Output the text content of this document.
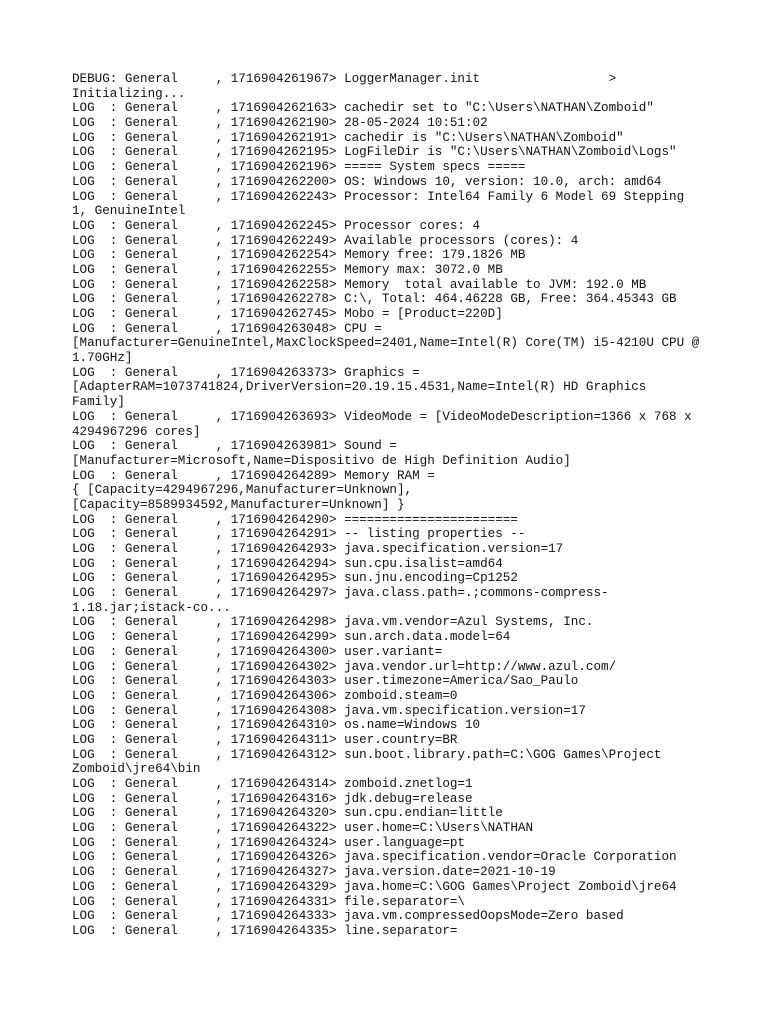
DEBUG: General     , 1716904261967> LoggerManager.init                 >
Initializing...
LOG  : General     , 1716904262163> cachedir set to "C:\Users\NATHAN\Zomboid"
LOG  : General     , 1716904262190> 28-05-2024 10:51:02
LOG  : General     , 1716904262191> cachedir is "C:\Users\NATHAN\Zomboid"
LOG  : General     , 1716904262195> LogFileDir is "C:\Users\NATHAN\Zomboid\Logs"
LOG  : General     , 1716904262196> ===== System specs =====
LOG  : General     , 1716904262200> OS: Windows 10, version: 10.0, arch: amd64
LOG  : General     , 1716904262243> Processor: Intel64 Family 6 Model 69 Stepping
1, GenuineIntel
LOG  : General     , 1716904262245> Processor cores: 4
LOG  : General     , 1716904262249> Available processors (cores): 4
LOG  : General     , 1716904262254> Memory free: 179.1826 MB
LOG  : General     , 1716904262255> Memory max: 3072.0 MB
LOG  : General     , 1716904262258> Memory  total available to JVM: 192.0 MB
LOG  : General     , 1716904262278> C:\, Total: 464.46228 GB, Free: 364.45343 GB
LOG  : General     , 1716904262745> Mobo = [Product=220D]
LOG  : General     , 1716904263048> CPU =
[Manufacturer=GenuineIntel,MaxClockSpeed=2401,Name=Intel(R) Core(TM) i5-4210U CPU @
1.70GHz]
LOG  : General     , 1716904263373> Graphics =
[AdapterRAM=1073741824,DriverVersion=20.19.15.4531,Name=Intel(R) HD Graphics
Family]
LOG  : General     , 1716904263693> VideoMode = [VideoModeDescription=1366 x 768 x
4294967296 cores]
LOG  : General     , 1716904263981> Sound =
[Manufacturer=Microsoft,Name=Dispositivo de High Definition Audio]
LOG  : General     , 1716904264289> Memory RAM =
{ [Capacity=4294967296,Manufacturer=Unknown],
[Capacity=8589934592,Manufacturer=Unknown] }
LOG  : General     , 1716904264290> =======================
LOG  : General     , 1716904264291> -- listing properties --
LOG  : General     , 1716904264293> java.specification.version=17
LOG  : General     , 1716904264294> sun.cpu.isalist=amd64
LOG  : General     , 1716904264295> sun.jnu.encoding=Cp1252
LOG  : General     , 1716904264297> java.class.path=.;commons-compress-
1.18.jar;istack-co...
LOG  : General     , 1716904264298> java.vm.vendor=Azul Systems, Inc.
LOG  : General     , 1716904264299> sun.arch.data.model=64
LOG  : General     , 1716904264300> user.variant=
LOG  : General     , 1716904264302> java.vendor.url=http://www.azul.com/
LOG  : General     , 1716904264303> user.timezone=America/Sao_Paulo
LOG  : General     , 1716904264306> zomboid.steam=0
LOG  : General     , 1716904264308> java.vm.specification.version=17
LOG  : General     , 1716904264310> os.name=Windows 10
LOG  : General     , 1716904264311> user.country=BR
LOG  : General     , 1716904264312> sun.boot.library.path=C:\GOG Games\Project
Zomboid\jre64\bin
LOG  : General     , 1716904264314> zomboid.znetlog=1
LOG  : General     , 1716904264316> jdk.debug=release
LOG  : General     , 1716904264320> sun.cpu.endian=little
LOG  : General     , 1716904264322> user.home=C:\Users\NATHAN
LOG  : General     , 1716904264324> user.language=pt
LOG  : General     , 1716904264326> java.specification.vendor=Oracle Corporation
LOG  : General     , 1716904264327> java.version.date=2021-10-19
LOG  : General     , 1716904264329> java.home=C:\GOG Games\Project Zomboid\jre64
LOG  : General     , 1716904264331> file.separator=\
LOG  : General     , 1716904264333> java.vm.compressedOopsMode=Zero based
LOG  : General     , 1716904264335> line.separator=
